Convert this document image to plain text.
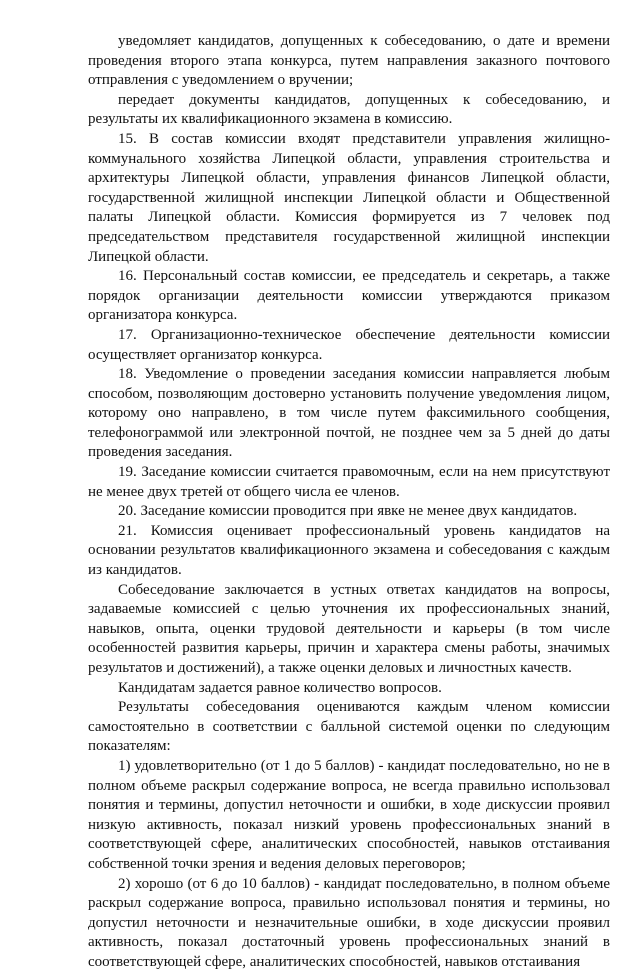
уведомляет кандидатов, допущенных к собеседованию, о дате и времени проведения второго этапа конкурса, путем направления заказного почтового отправления с уведомлением о вручении;

передает документы кандидатов, допущенных к собеседованию, и результаты их квалификационного экзамена в комиссию.

15. В состав комиссии входят представители управления жилищно-коммунального хозяйства Липецкой области, управления строительства и архитектуры Липецкой области, управления финансов Липецкой области, государственной жилищной инспекции Липецкой области и Общественной палаты Липецкой области. Комиссия формируется из 7 человек под председательством представителя государственной жилищной инспекции Липецкой области.

16. Персональный состав комиссии, ее председатель и секретарь, а также порядок организации деятельности комиссии утверждаются приказом организатора конкурса.

17. Организационно-техническое обеспечение деятельности комиссии осуществляет организатор конкурса.

18. Уведомление о проведении заседания комиссии направляется любым способом, позволяющим достоверно установить получение уведомления лицом, которому оно направлено, в том числе путем факсимильного сообщения, телефонограммой или электронной почтой, не позднее чем за 5 дней до даты проведения заседания.

19. Заседание комиссии считается правомочным, если на нем присутствуют не менее двух третей от общего числа ее членов.

20. Заседание комиссии проводится при явке не менее двух кандидатов.

21. Комиссия оценивает профессиональный уровень кандидатов на основании результатов квалификационного экзамена и собеседования с каждым из кандидатов.

Собеседование заключается в устных ответах кандидатов на вопросы, задаваемые комиссией с целью уточнения их профессиональных знаний, навыков, опыта, оценки трудовой деятельности и карьеры (в том числе особенностей развития карьеры, причин и характера смены работы, значимых результатов и достижений), а также оценки деловых и личностных качеств.

Кандидатам задается равное количество вопросов.

Результаты собеседования оцениваются каждым членом комиссии самостоятельно в соответствии с балльной системой оценки по следующим показателям:

1) удовлетворительно (от 1 до 5 баллов) - кандидат последовательно, но не в полном объеме раскрыл содержание вопроса, не всегда правильно использовал понятия и термины, допустил неточности и ошибки, в ходе дискуссии проявил низкую активность, показал низкий уровень профессиональных знаний в соответствующей сфере, аналитических способностей, навыков отстаивания собственной точки зрения и ведения деловых переговоров;

2) хорошо (от 6 до 10 баллов) - кандидат последовательно, в полном объеме раскрыл содержание вопроса, правильно использовал понятия и термины, но допустил неточности и незначительные ошибки, в ходе дискуссии проявил активность, показал достаточный уровень профессиональных знаний в соответствующей сфере, аналитических способностей, навыков отстаивания
